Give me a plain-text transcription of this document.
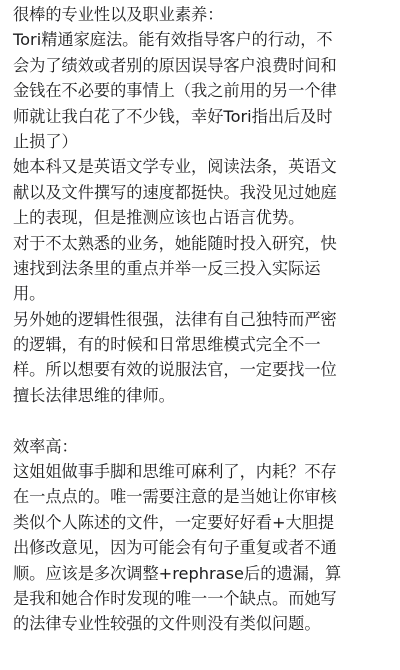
很棒的专业性以及职业素养：
Tori精通家庭法。能有效指导客户的行动，不
会为了绩效或者别的原因误导客户浪费时间和
金钱在不必要的事情上（我之前用的另一个律
师就让我白花了不少钱，幸好Tori指出后及时
止损了）
她本科又是英语文学专业，阅读法条，英语文
献以及文件撰写的速度都挺快。我没见过她庭
上的表现，但是推测应该也占语言优势。
对于不太熟悉的业务，她能随时投入研究，快
速找到法条里的重点并举一反三投入实际运
用。
另外她的逻辑性很强，法律有自己独特而严密
的逻辑，有的时候和日常思维模式完全不一
样。所以想要有效的说服法官，一定要找一位
擅长法律思维的律师。
效率高：
这姐姐做事手脚和思维可麻利了，内耗？不存
在一点点的。唯一需要注意的是当她让你审核
类似个人陈述的文件，一定要好好看+大胆提
出修改意见，因为可能会有句子重复或者不通
顺。应该是多次调整+rephrase后的遗漏，算
是我和她合作时发现的唯一一个缺点。而她写
的法律专业性较强的文件则没有类似问题。
